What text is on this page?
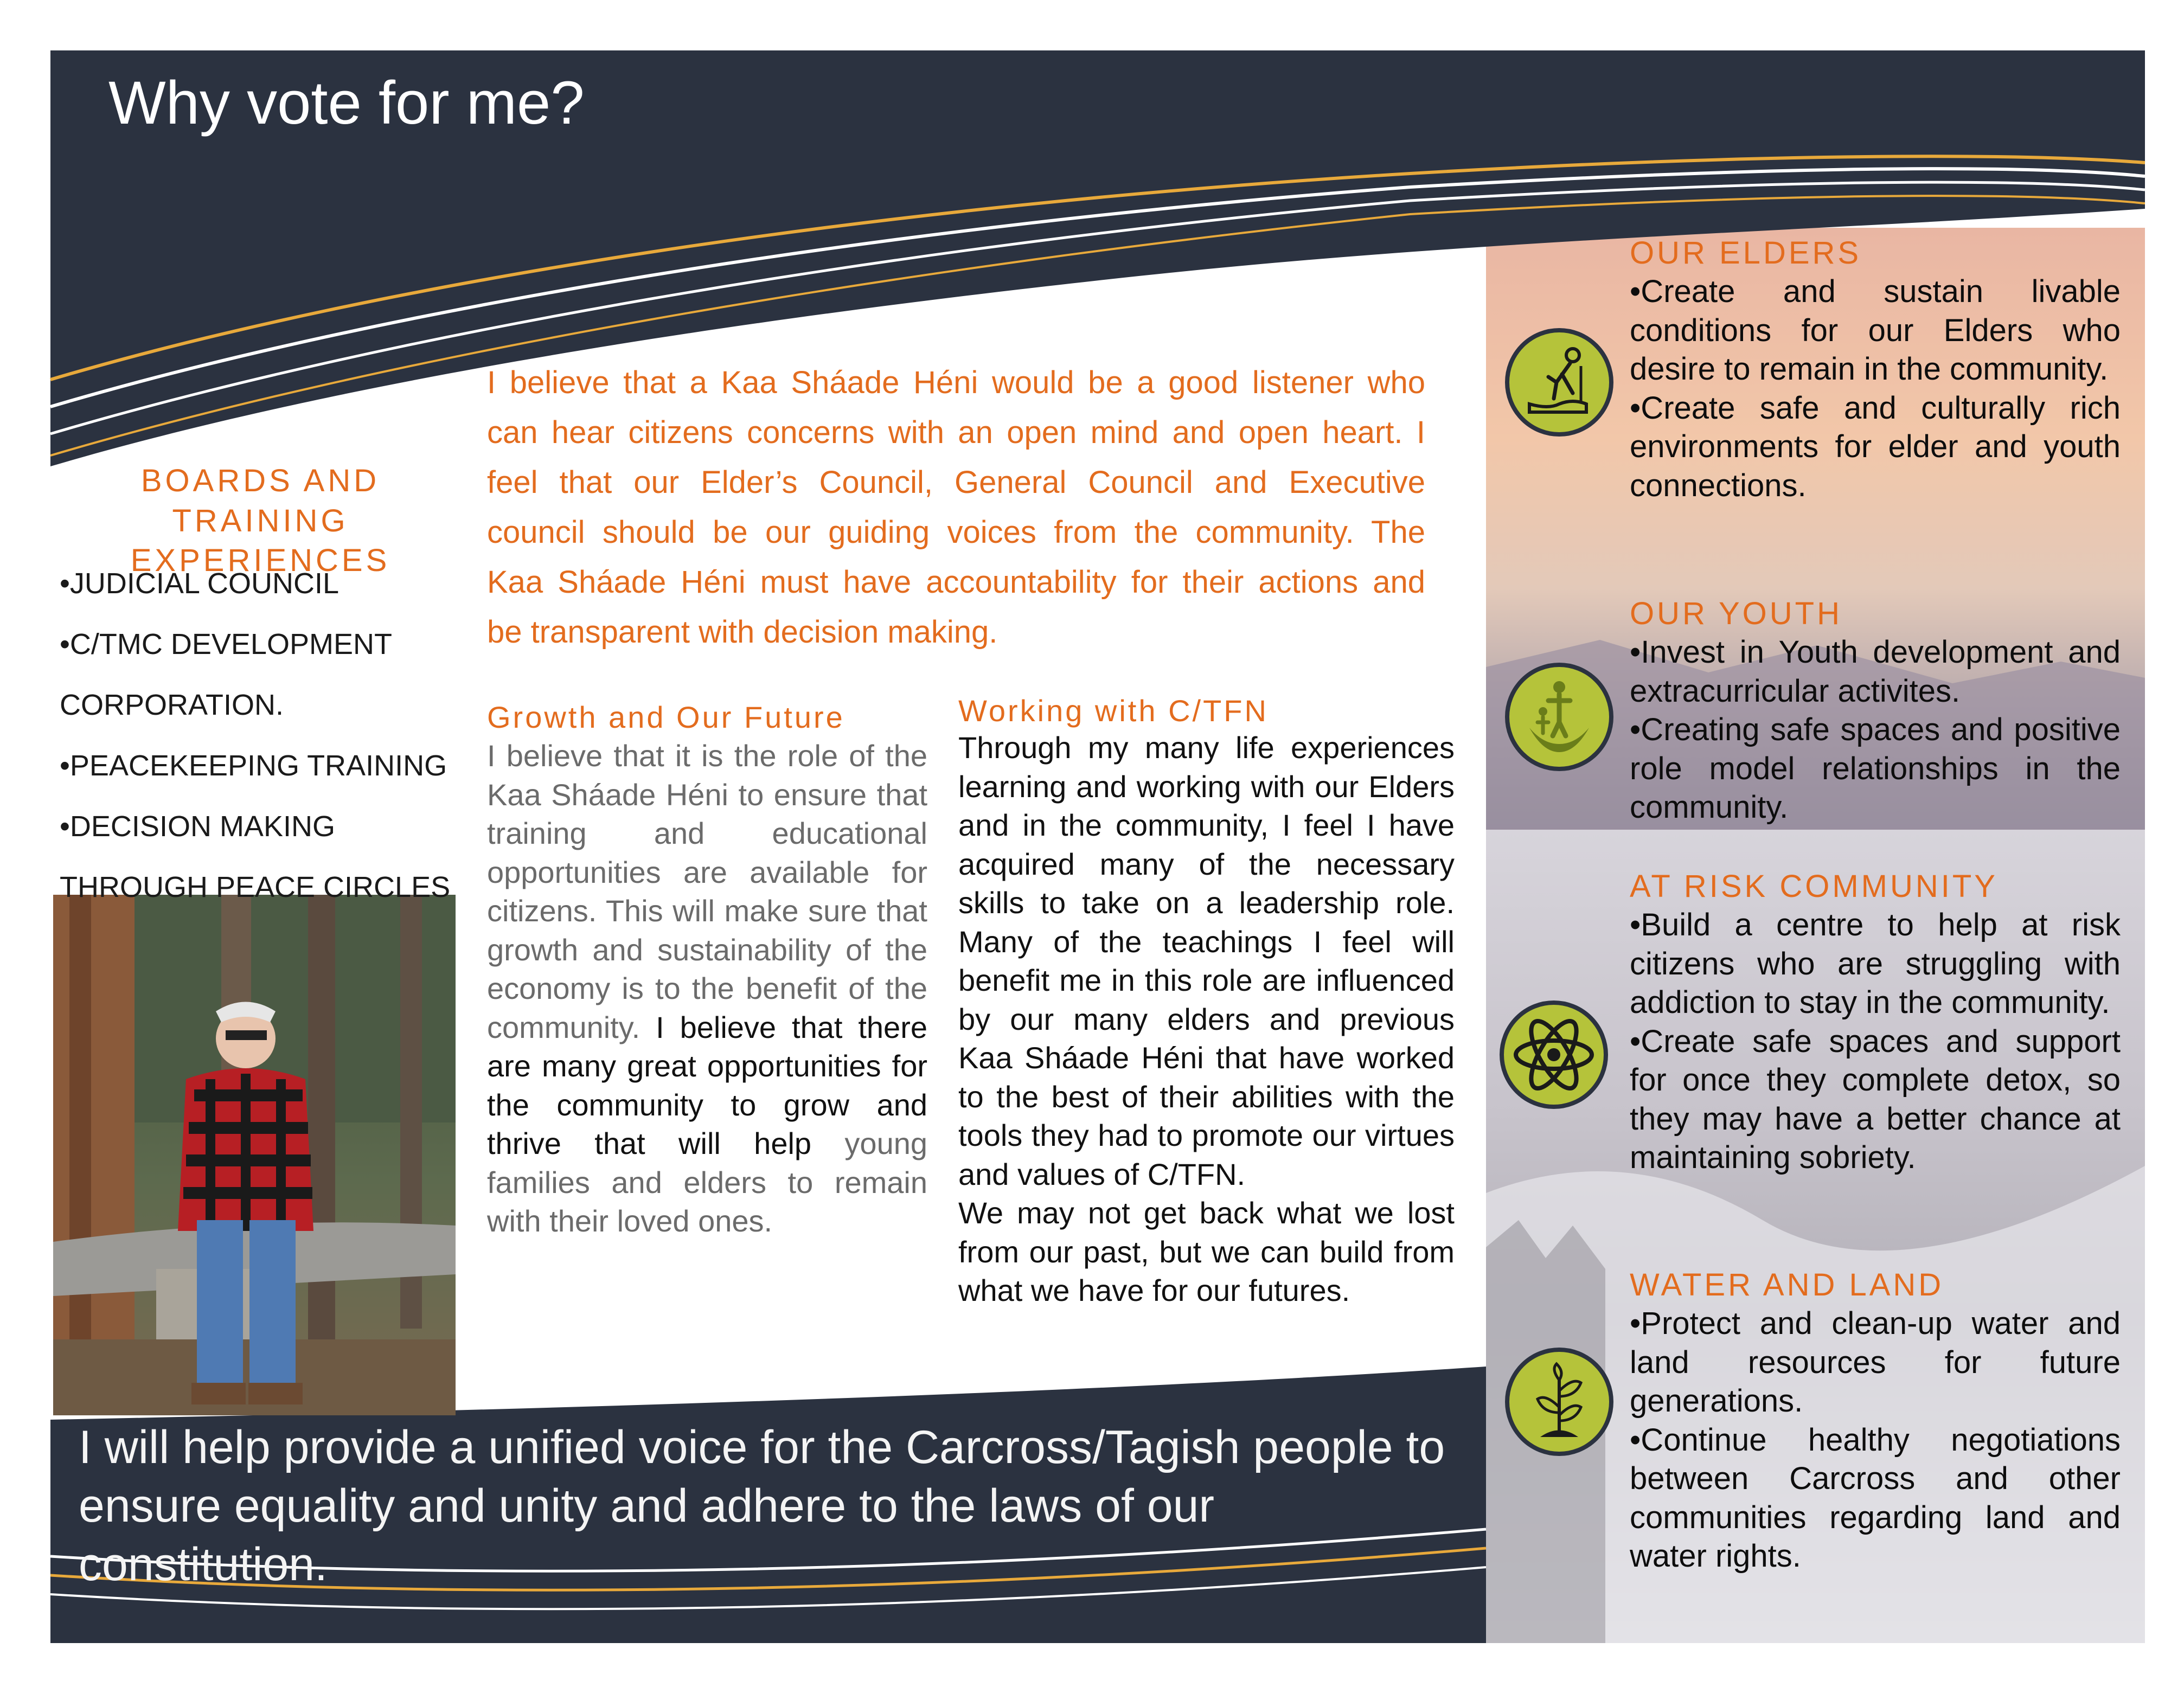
Why vote for me?
BOARDS AND TRAINING EXPERIENCES
•JUDICIAL COUNCIL
•C/TMC DEVELOPMENT
CORPORATION.
•PEACEKEEPING TRAINING
•DECISION MAKING
THROUGH PEACE CIRCLES
I believe that a Kaa Sháade Héni would be a good listener who
can hear citizens concerns with an open mind and open heart. I
feel that our Elder’s Council, General Council and Executive
council should be our guiding voices from the community. The
Kaa Sháade Héni must have accountability for their actions and
be transparent with decision making.
Growth and Our Future
I believe that it is the role of the Kaa Sháade Héni to ensure that training and educational opportunities are available for citizens. This will make sure that growth and sustainability of the economy is to the benefit of the community. I believe that there are many great opportunities for the community to grow and thrive that will help young families and elders to remain with their loved ones.
Working with C/TFN
Through my many life experiences learning and working with our Elders and in the community, I feel I have acquired many of the necessary skills to take on a leadership role. Many of the teachings I feel will benefit me in this role are influenced by our many elders and previous Kaa Sháade Héni that have worked to the best of their abilities with the tools they had to promote our virtues and values of C/TFN.
We may not get back what we lost from our past, but we can build from what we have for our futures.
I will help provide a unified voice for the Carcross/Tagish people to ensure equality and unity and adhere to the laws of our constitution.
OUR ELDERS
•Create and sustain livable conditions for our Elders who desire to remain in the community.
•Create safe and culturally rich environments for elder and youth connections.
OUR YOUTH
•Invest in Youth development and extracurricular activites.
•Creating safe spaces and positive role model relationships in the community.
AT RISK COMMUNITY
•Build a centre to help at risk citizens who are struggling with addiction to stay in the community.
•Create safe spaces and support for once they complete detox, so they may have a better chance at maintaining sobriety.
WATER AND LAND
•Protect and clean-up water and land resources for future generations.
•Continue healthy negotiations between Carcross and other communities regarding land and water rights.
